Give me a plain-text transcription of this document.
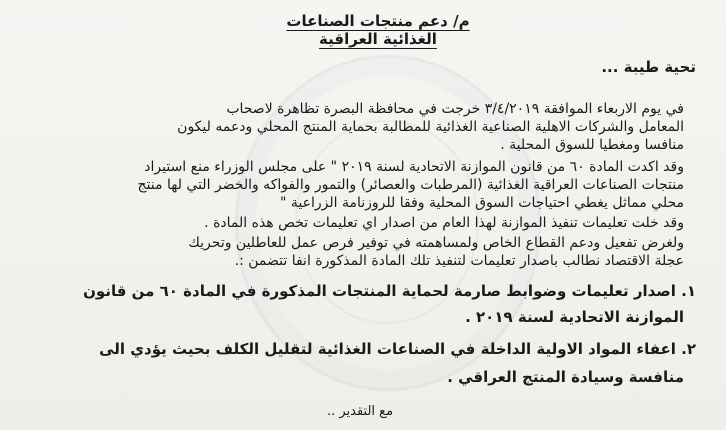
م/ دعم منتجات الصناعات الغذائية العراقية
تحية طيبة ...
في يوم الاربعاء الموافقة ٣/٤/٢٠١٩ خرجت في محافظة البصرة تظاهرة لاصحاب
المعامل والشركات الاهلية الصناعية الغذائية للمطالبة بحماية المنتج المحلي ودعمه ليكون
منافسا ومغطيا للسوق المحلية .
وقد اكدت المادة ٦٠ من قانون الموازنة الاتحادية لسنة ٢٠١٩ " على مجلس الوزراء منع استيراد
منتجات الصناعات العراقية الغذائية (المرطبات والعصائر) والتمور والفواكه والخضر التي لها منتج
محلي مماثل يغطي احتياجات السوق المحلية وفقا للروزنامة الزراعية "
وقد خلت تعليمات تنفيذ الموازنة لهذا العام من اصدار اي تعليمات تخص هذه المادة .
ولغرض تفعيل ودعم القطاع الخاص ولمساهمته في توفير فرص عمل للعاطلين وتحريك
عجلة الاقتصاد نطالب باصدار تعليمات لتنفيذ تلك المادة المذكورة انفا تتضمن :.
١. اصدار تعليمات وضوابط صارمة لحماية المنتجات المذكورة في المادة ٦٠ من قانون
الموازنة الاتحادية لسنة ٢٠١٩ .
٢. اعفاء المواد الاولية الداخلة في الصناعات الغذائية لتقليل الكلف بحيث يؤدي الى
منافسة وسيادة المنتج العراقي .
مع التقدير ..
